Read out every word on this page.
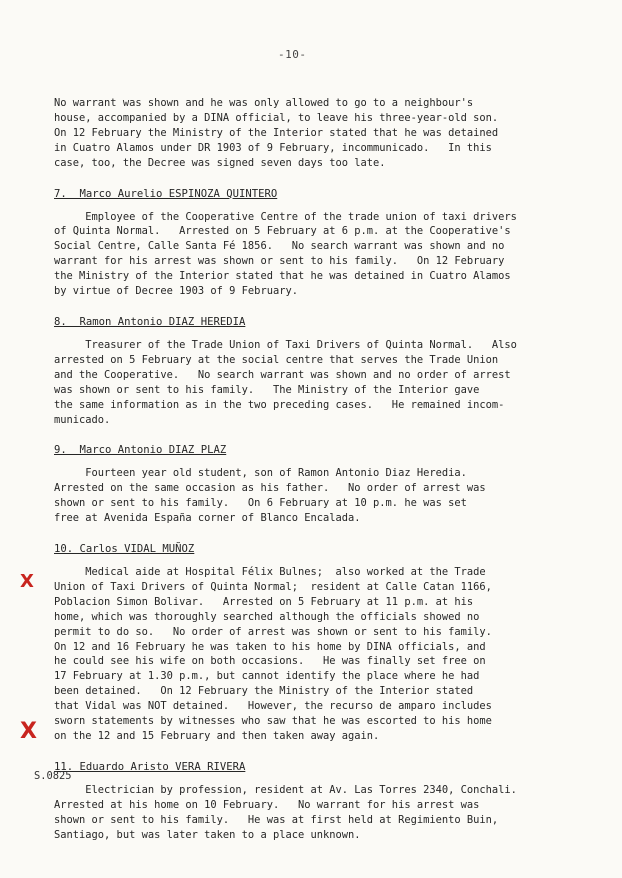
-10-

No warrant was shown and he was only allowed to go to a neighbour's

house, accompanied by a DINA official, to leave his three-year-old son.

On 12 February the Ministry of the Interior stated that he was detained

in Cuatro Alamos under DR 1903 of 9 February, incommunicado.   In this

case, too, the Decree was signed seven days too late.

7.  Marco Aurelio ESPINOZA QUINTERO

Employee of the Cooperative Centre of the trade union of taxi drivers

of Quinta Normal.   Arrested on 5 February at 6 p.m. at the Cooperative's

Social Centre, Calle Santa Fé 1856.   No search warrant was shown and no

warrant for his arrest was shown or sent to his family.   On 12 February

the Ministry of the Interior stated that he was detained in Cuatro Alamos

by virtue of Decree 1903 of 9 February.

8.  Ramon Antonio DIAZ HEREDIA

Treasurer of the Trade Union of Taxi Drivers of Quinta Normal.   Also

arrested on 5 February at the social centre that serves the Trade Union

and the Cooperative.   No search warrant was shown and no order of arrest

was shown or sent to his family.   The Ministry of the Interior gave

the same information as in the two preceding cases.   He remained incom-

municado.

9.  Marco Antonio DIAZ PLAZ

Fourteen year old student, son of Ramon Antonio Diaz Heredia.

Arrested on the same occasion as his father.   No order of arrest was

shown or sent to his family.   On 6 February at 10 p.m. he was set

free at Avenida España corner of Blanco Encalada.

10. Carlos VIDAL MUÑOZ

Medical aide at Hospital Félix Bulnes;  also worked at the Trade

Union of Taxi Drivers of Quinta Normal;  resident at Calle Catan 1166,

Poblacion Simon Bolivar.   Arrested on 5 February at 11 p.m. at his

home, which was thoroughly searched although the officials showed no

permit to do so.   No order of arrest was shown or sent to his family.

On 12 and 16 February he was taken to his home by DINA officials, and

he could see his wife on both occasions.   He was finally set free on

17 February at 1.30 p.m., but cannot identify the place where he had

been detained.   On 12 February the Ministry of the Interior stated

that Vidal was NOT detained.   However, the recurso de amparo includes

sworn statements by witnesses who saw that he was escorted to his home

on the 12 and 15 February and then taken away again.

11. Eduardo Aristo VERA RIVERA

Electrician by profession, resident at Av. Las Torres 2340, Conchali.

Arrested at his home on 10 February.   No warrant for his arrest was

shown or sent to his family.   He was at first held at Regimiento Buin,

Santiago, but was later taken to a place unknown.

X
X
S.0825
